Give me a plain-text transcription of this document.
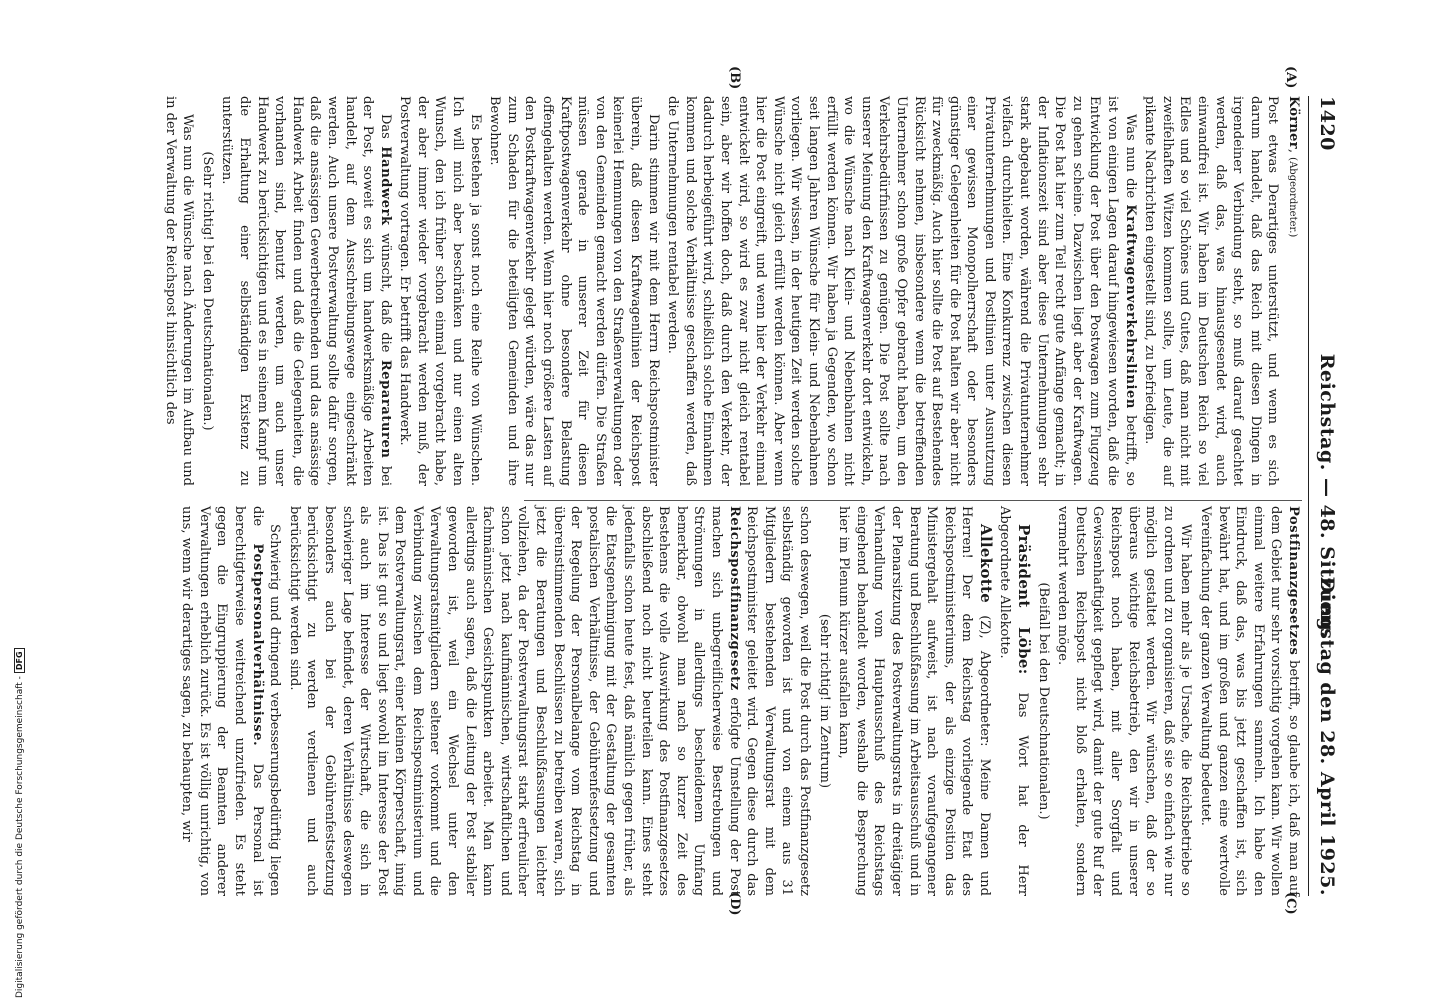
1420
Reichstag. — 48. Sitzung.
Dienstag den 28. April 1925.
(A)
(B)
(C)
(D)

Körner, (Abgeordneter.)

Post etwas Derartiges unterstützt, und wenn es sich darum handelt, daß das Reich mit diesen Dingen in irgendeiner Verbindung steht, so muß darauf geachtet werden, daß das, was hinausgesendet wird, auch einwandfrei ist. Wir haben im Deutschen Reich so viel Edles und so viel Schönes und Gutes, daß man nicht mit zweifelhaften Witzen kommen sollte, um Leute, die auf pikante Nachrichten eingestellt sind, zu befriedigen.

Was nun die Kraftwagenverkehrslinien betrifft, so ist von einigen Lagen darauf hingewiesen worden, daß die Entwicklung der Post über den Postwagen zum Flugzeug zu gehen scheine. Dazwischen liegt aber der Kraftwagen. Die Post hat hier zum Teil recht gute Anfänge gemacht; in der Inflationszeit sind aber diese Unternehmungen sehr stark abgebaut worden, während die Privatunternehmer vielfach durchhielten. Eine Konkurrenz zwischen diesen Privatunternehmungen und Postlinien unter Ausnutzung einer gewissen Monopolherrschaft oder besonders günstiger Gelegenheiten für die Post halten wir aber nicht für zweckmäßig. Auch hier sollte die Post auf Bestehendes Rücksicht nehmen, insbesondere wenn die betreffenden Unternehmer schon große Opfer gebracht haben, um den Verkehrsbedürfnissen zu genügen. Die Post sollte nach unserer Meinung den Kraftwagenverkehr dort entwickeln, wo die Wünsche nach Klein- und Nebenbahnen nicht erfüllt werden können. Wir haben ja Gegenden, wo schon seit langen Jahren Wünsche für Klein- und Nebenbahnen vorliegen. Wir wissen, in der heutigen Zeit werden solche Wünsche nicht gleich erfüllt werden können. Aber wenn hier die Post eingreift, und wenn hier der Verkehr einmal entwickelt wird, so wird es zwar nicht gleich rentabel sein, aber wir hoffen doch, daß durch den Verkehr, der dadurch herbeigeführt wird, schließlich solche Einnahmen kommen und solche Verhältnisse geschaffen werden, daß die Unternehmungen rentabel werden.

Darin stimmen wir mit dem Herrn Reichspostminister überein, daß diesen Kraftwagenlinien der Reichspost keinerlei Hemmungen von den Straßenverwaltungen oder von den Gemeinden gemacht werden dürfen. Die Straßen müssen gerade in unserer Zeit für diesen Kraftpostwagenverkehr ohne besondere Belastung offengehalten werden. Wenn hier noch größere Lasten auf den Postkraftwagenverkehr gelegt würden, wäre das nur zum Schaden für die beteiligten Gemeinden und ihre Bewohner.

Es bestehen ja sonst noch eine Reihe von Wünschen. Ich will mich aber beschränken und nur einen alten Wunsch, den ich früher schon einmal vorgebracht habe, der aber immer wieder vorgebracht werden muß, der Postverwaltung vortragen. Er betrifft das Handwerk.

Das Handwerk wünscht, daß die Reparaturen bei der Post, soweit es sich um handwerksmäßige Arbeiten handelt, auf dem Ausschreibungswege eingeschränkt werden. Auch unsere Postverwaltung sollte dafür sorgen, daß die ansässigen Gewerbetreibenden und das ansässige Handwerk Arbeit finden und daß die Gelegenheiten, die vorhanden sind, benutzt werden, um auch unser Handwerk zu berücksichtigen und es in seinem Kampf um die Erhaltung einer selbständigen Existenz zu unterstützen.

(Sehr richtig! bei den Deutschnationalen.)

Was nun die Wünsche nach Änderungen im Aufbau und in der Verwaltung der Reichspost hinsichtlich des

Postfinanzgesetzes betrifft, so glaube ich, daß man auf dem Gebiet nur sehr vorsichtig vorgehen kann. Wir wollen einmal weitere Erfahrungen sammeln. Ich habe den Eindruck, daß das, was bis jetzt geschaffen ist, sich bewährt hat, und im großen und ganzen eine wertvolle Vereinfachung der ganzen Verwaltung bedeutet.

Wir haben mehr als je Ursache, die Reichsbetriebe so zu ordnen und zu organisieren, daß sie so einfach wie nur möglich gestaltet werden. Wir wünschen, daß der so überaus wichtige Reichsbetrieb, den wir in unserer Reichspost noch haben, mit aller Sorgfalt und Gewissenhaftigkeit gepflegt wird, damit der gute Ruf der Deutschen Reichspost nicht bloß erhalten, sondern vermehrt werden möge.

(Beifall bei den Deutschnationalen.)

Präsident Löbe: Das Wort hat der Herr Abgeordnete Allekotte.

Allekotte (Z), Abgeordneter: Meine Damen und Herren! Der dem Reichstag vorliegende Etat des Reichspostministeriums, der als einzige Position das Ministergehalt aufweist, ist nach voraufgegangener Beratung und Beschlußfassung im Arbeitsausschuß und in der Plenarsitzung des Postverwaltungsrats in dreitägiger Verhandlung vom Hauptausschuß des Reichstags eingehend behandelt worden, weshalb die Besprechung hier im Plenum kürzer ausfallen kann,

(sehr richtig! im Zentrum)

schon deswegen, weil die Post durch das Postfinanzgesetz selbständig geworden ist und von einem aus 31 Mitgliedern bestehenden Verwaltungsrat mit dem Reichspostminister geleitet wird. Gegen diese durch das Reichspostfinanzgesetz erfolgte Umstellung der Post machen sich unbegreiflicherweise Bestrebungen und Strömungen in allerdings bescheidenem Umfang bemerkbar, obwohl man nach so kurzer Zeit des Bestehens die volle Auswirkung des Postfinanzgesetzes abschließend noch nicht beurteilen kann. Eines steht jedenfalls schon heute fest, daß nämlich gegen früher, als die Etatsgenehmigung mit der Gestaltung der gesamten postalischen Verhältnisse, der Gebührenfestsetzung und der Regelung der Personalbelange vom Reichstag in übereinstimmenden Beschlüssen zu betreiben waren, sich jetzt die Beratungen und Beschlußfassungen leichter vollziehen, da der Postverwaltungsrat stark erfreulicher schon jetzt nach kaufmännischen, wirtschaftlichen und fachmännischen Gesichtspunkten arbeitet. Man kann allerdings auch sagen, daß die Leitung der Post stabiler geworden ist, weil ein Wechsel unter den Verwaltungsratsmitgliedern seltener vorkommt und die Verbindung zwischen dem Reichspostministerium und dem Postverwaltungsrat, einer kleinen Körperschaft, innig ist. Das ist gut so und liegt sowohl im Interesse der Post als auch im Interesse der Wirtschaft, die sich in schwieriger Lage befindet, deren Verhältnisse deswegen besonders auch bei der Gebührenfestsetzung berücksichtigt zu werden verdienen und auch berücksichtigt werden sind.

Schwierig und dringend verbesserungsbedürftig liegen die Postpersonalverhältnisse. Das Personal ist berechtigterweise weitreichend unzufrieden. Es steht gegen die Eingruppierung der Beamten anderer Verwaltungen erheblich zurück. Es ist völlig unrichtig, von uns, wenn wir derartiges sagen, zu behaupten, wir

Digitalisierung gefördert durch die Deutsche Forschungsgemeinschaft -DFG
